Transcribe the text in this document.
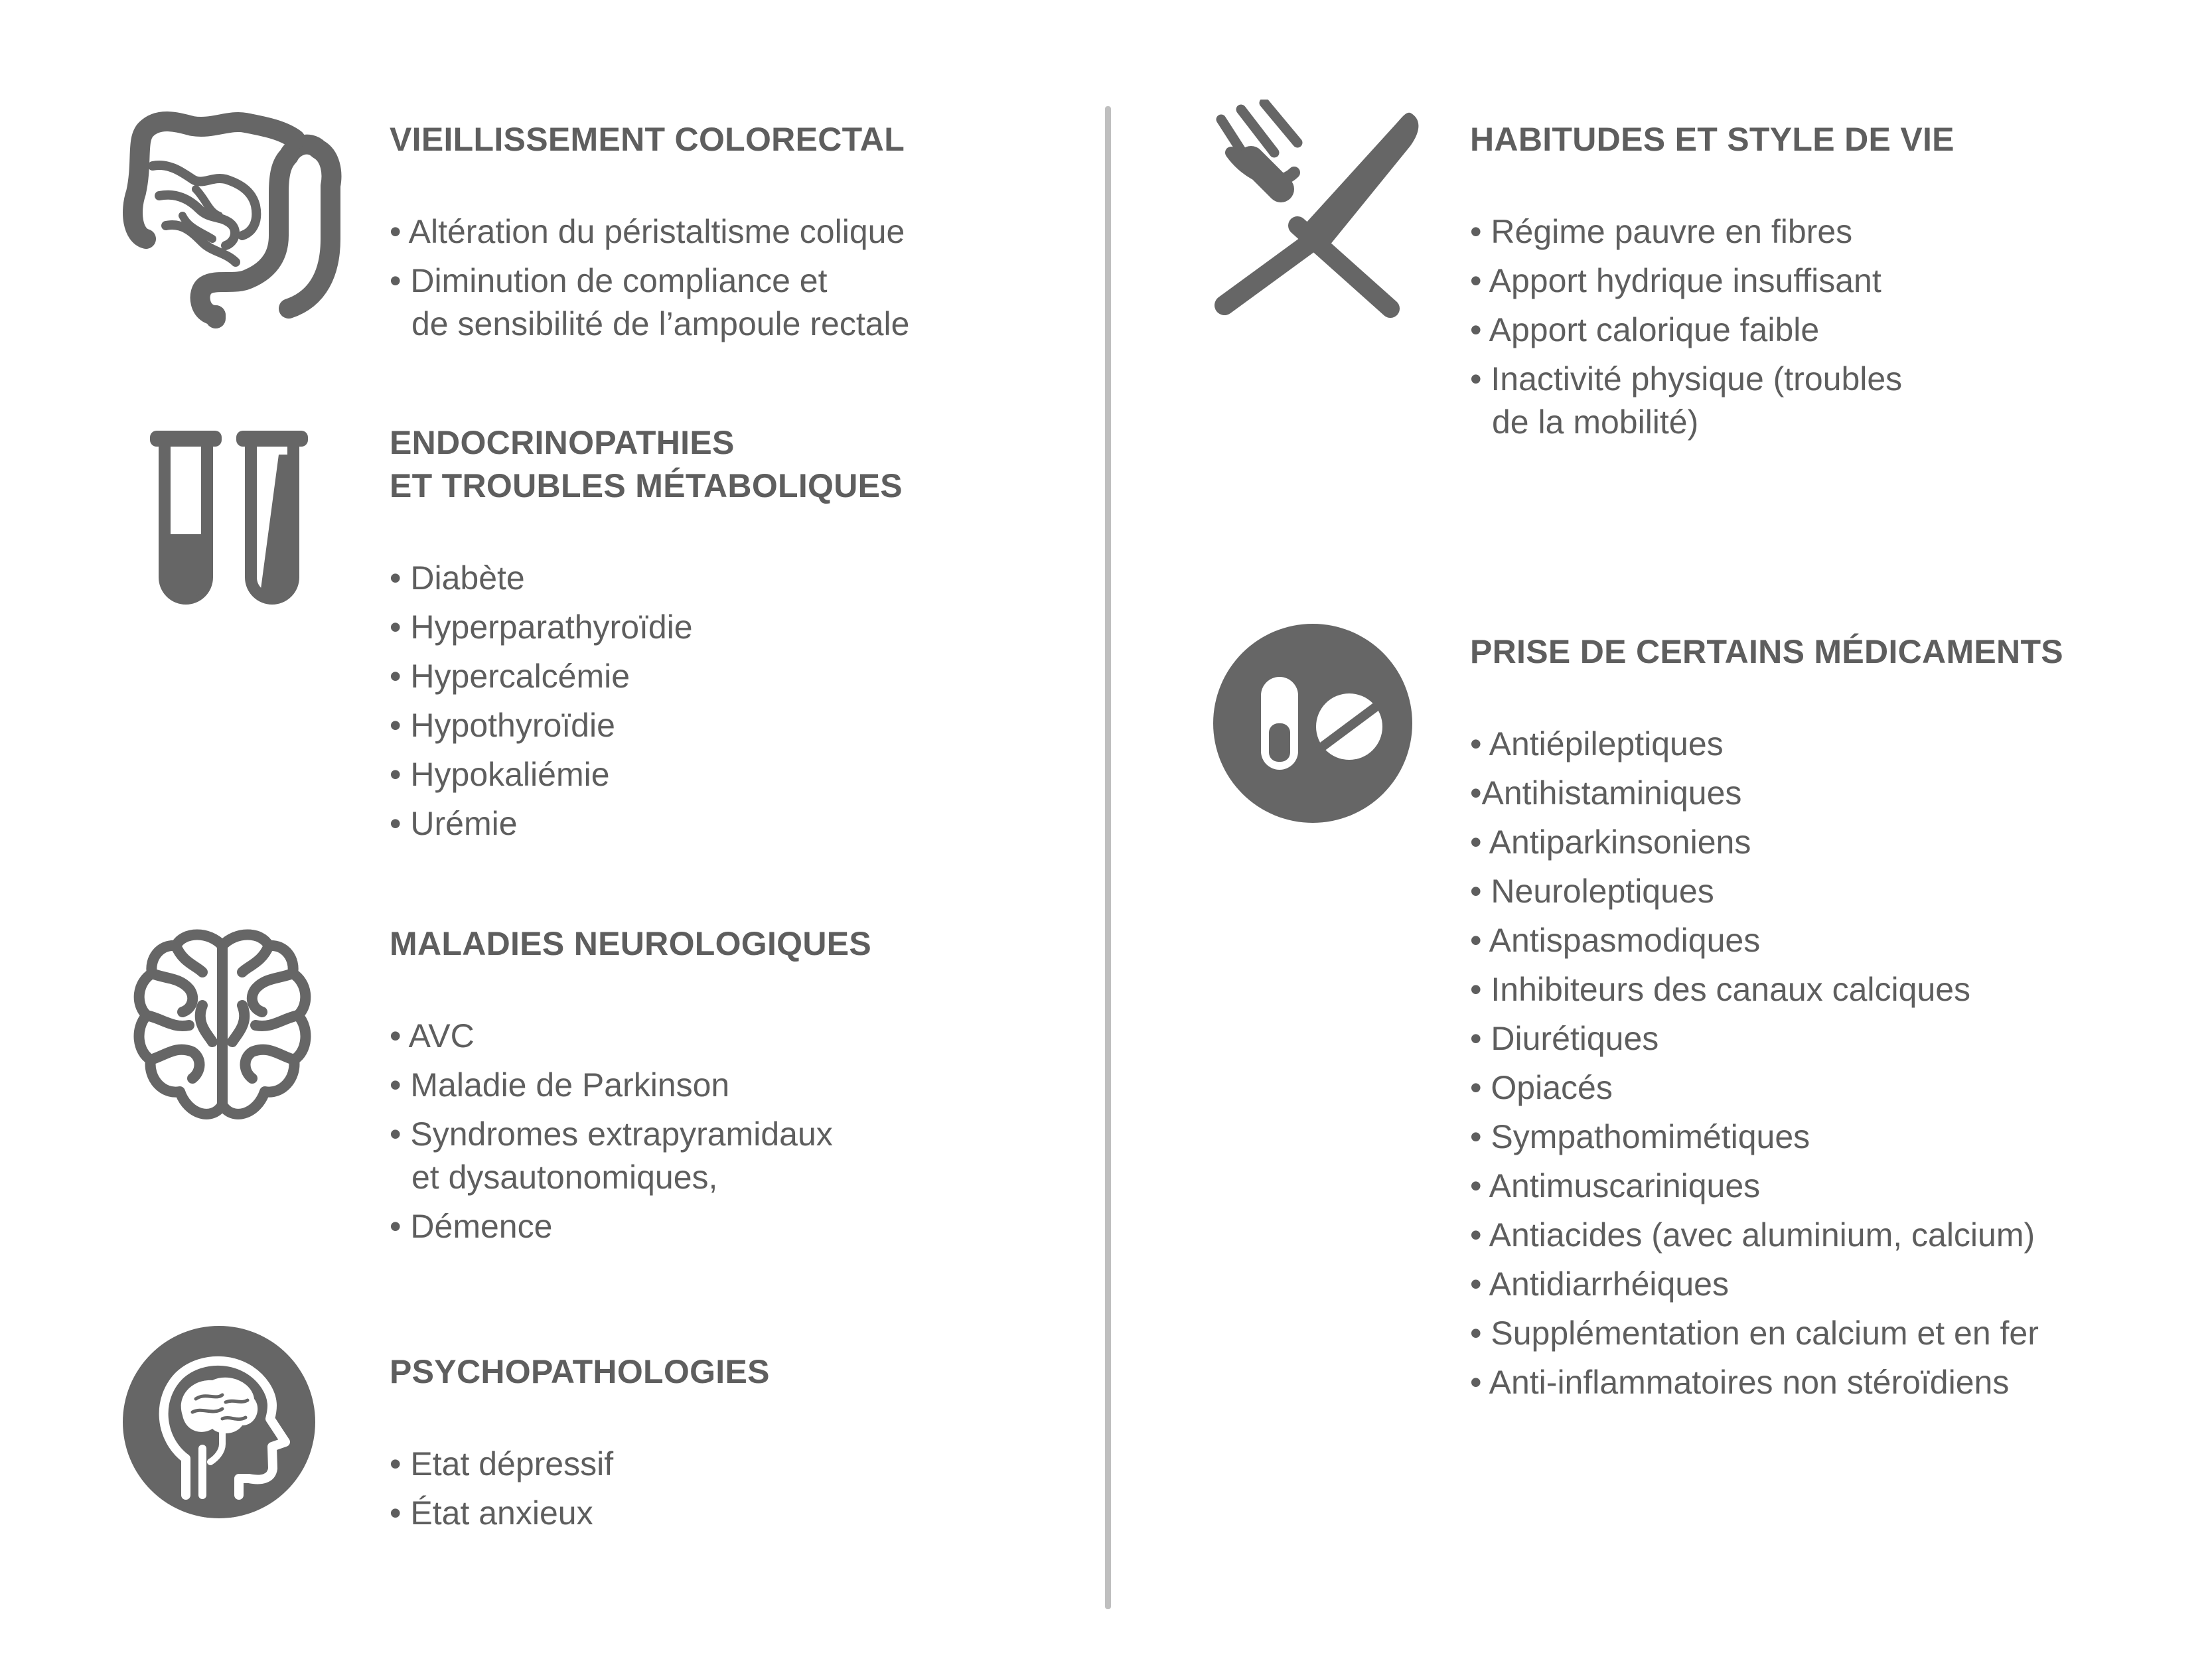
VIEILLISSEMENT COLORECTAL
• Altération du péristaltisme colique
• Diminution de compliance et
de sensibilité de l’ampoule rectale
ENDOCRINOPATHIES
ET TROUBLES MÉTABOLIQUES
• Diabète
• Hyperparathyroïdie
• Hypercalcémie
• Hypothyroïdie
• Hypokaliémie
• Urémie
MALADIES NEUROLOGIQUES
• AVC
• Maladie de Parkinson
• Syndromes extrapyramidaux
et dysautonomiques,
• Démence
PSYCHOPATHOLOGIES
• Etat dépressif
• État anxieux
HABITUDES ET STYLE DE VIE
• Régime pauvre en fibres
• Apport hydrique insuffisant
• Apport calorique faible
• Inactivité physique (troubles
de la mobilité)
PRISE DE CERTAINS MÉDICAMENTS
• Antiépileptiques
•Antihistaminiques
• Antiparkinsoniens
• Neuroleptiques
• Antispasmodiques
• Inhibiteurs des canaux calciques
• Diurétiques
• Opiacés
• Sympathomimétiques
• Antimuscariniques
• Antiacides (avec aluminium, calcium)
• Antidiarrhéiques
• Supplémentation en calcium et en fer
• Anti-inflammatoires non stéroïdiens
